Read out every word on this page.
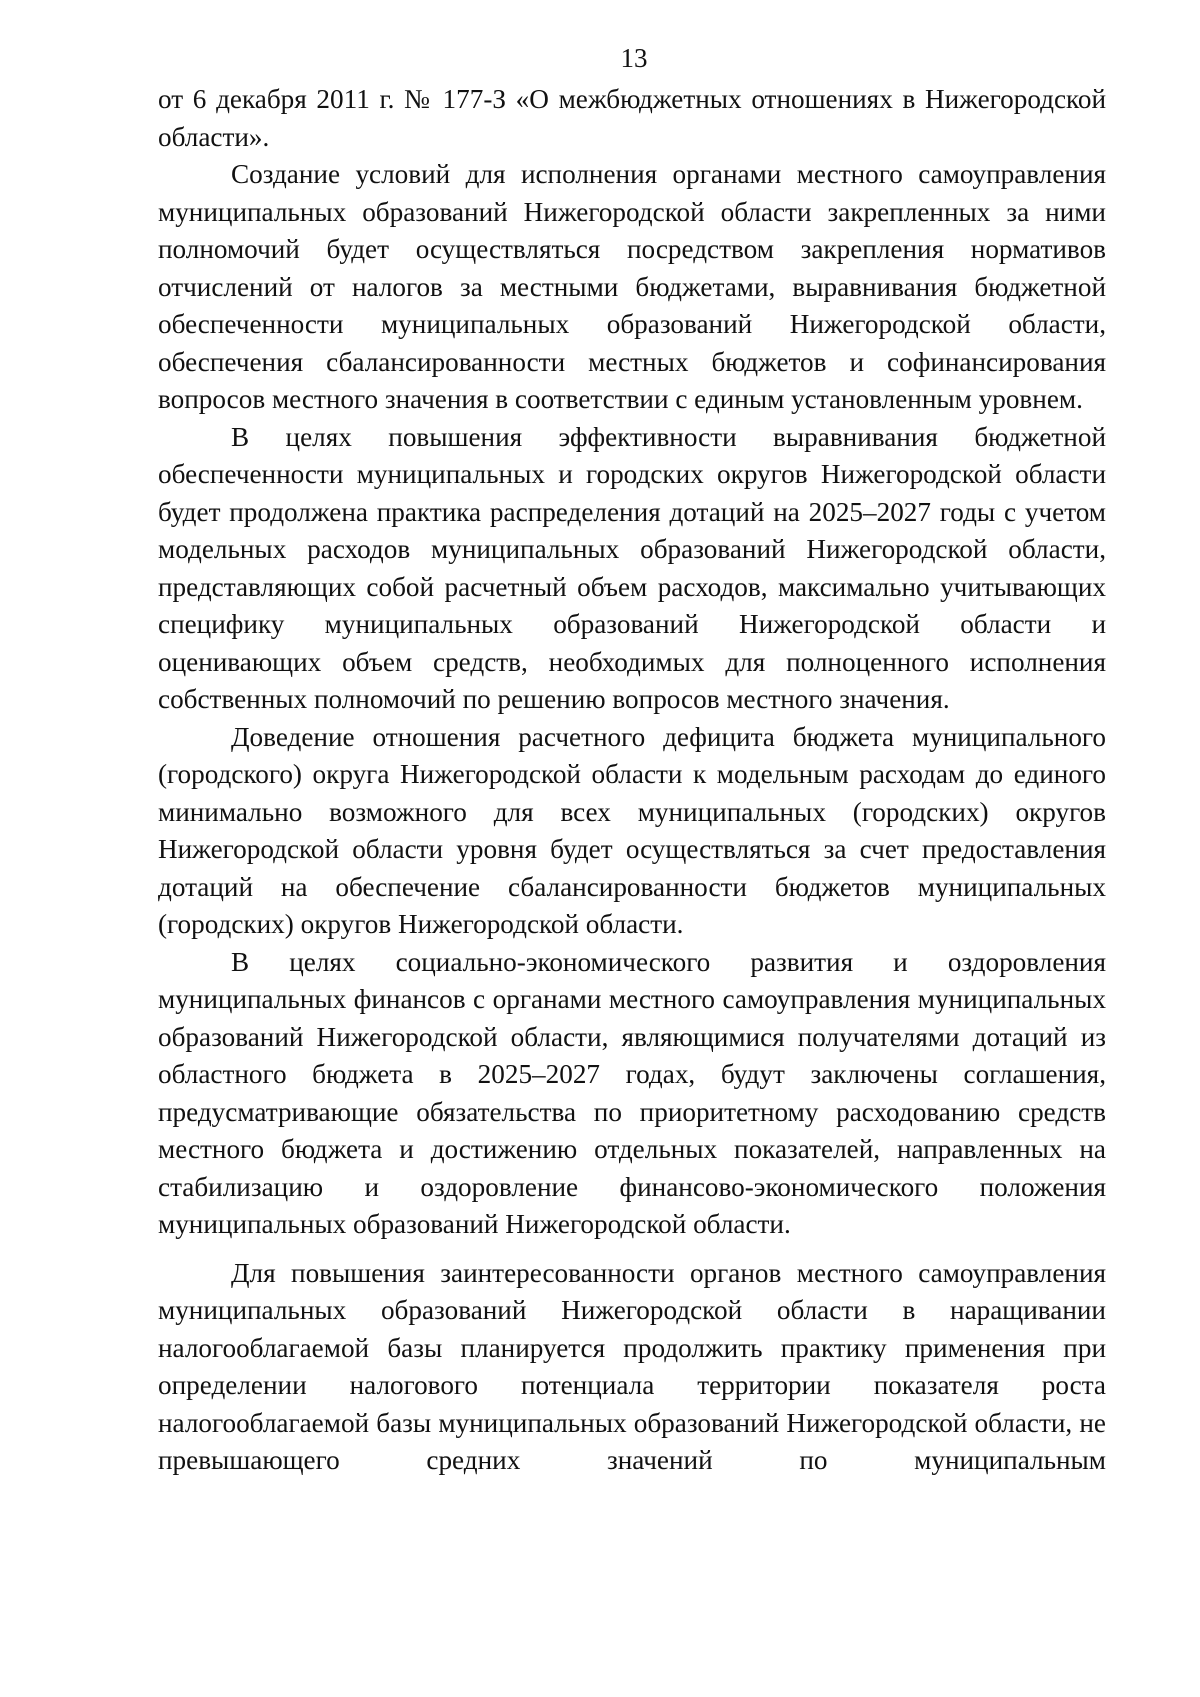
13

от 6 декабря 2011 г. № 177-З «О межбюджетных отношениях в Нижегородской области».

Создание условий для исполнения органами местного самоуправления муниципальных образований Нижегородской области закрепленных за ними полномочий будет осуществляться посредством закрепления нормативов отчислений от налогов за местными бюджетами, выравнивания бюджетной обеспеченности муниципальных образований Нижегородской области, обеспечения сбалансированности местных бюджетов и софинансирования вопросов местного значения в соответствии с единым установленным уровнем.

В целях повышения эффективности выравнивания бюджетной обеспеченности муниципальных и городских округов Нижегородской области будет продолжена практика распределения дотаций на 2025–2027 годы с учетом модельных расходов муниципальных образований Нижегородской области, представляющих собой расчетный объем расходов, максимально учитывающих специфику муниципальных образований Нижегородской области и оценивающих объем средств, необходимых для полноценного исполнения собственных полномочий по решению вопросов местного значения.

Доведение отношения расчетного дефицита бюджета муниципального (городского) округа Нижегородской области к модельным расходам до единого минимально возможного для всех муниципальных (городских) округов Нижегородской области уровня будет осуществляться за счет предоставления дотаций на обеспечение сбалансированности бюджетов муниципальных (городских) округов Нижегородской области.

В целях социально-экономического развития и оздоровления муниципальных финансов с органами местного самоуправления муниципальных образований Нижегородской области, являющимися получателями дотаций из областного бюджета в 2025–2027 годах, будут заключены соглашения, предусматривающие обязательства по приоритетному расходованию средств местного бюджета и достижению отдельных показателей, направленных на стабилизацию и оздоровление финансово-экономического положения муниципальных образований Нижегородской области.

Для повышения заинтересованности органов местного самоуправления муниципальных образований Нижегородской области в наращивании налогооблагаемой базы планируется продолжить практику применения при определении налогового потенциала территории показателя роста налогооблагаемой базы муниципальных образований Нижегородской области, не превышающего средних значений по муниципальным
